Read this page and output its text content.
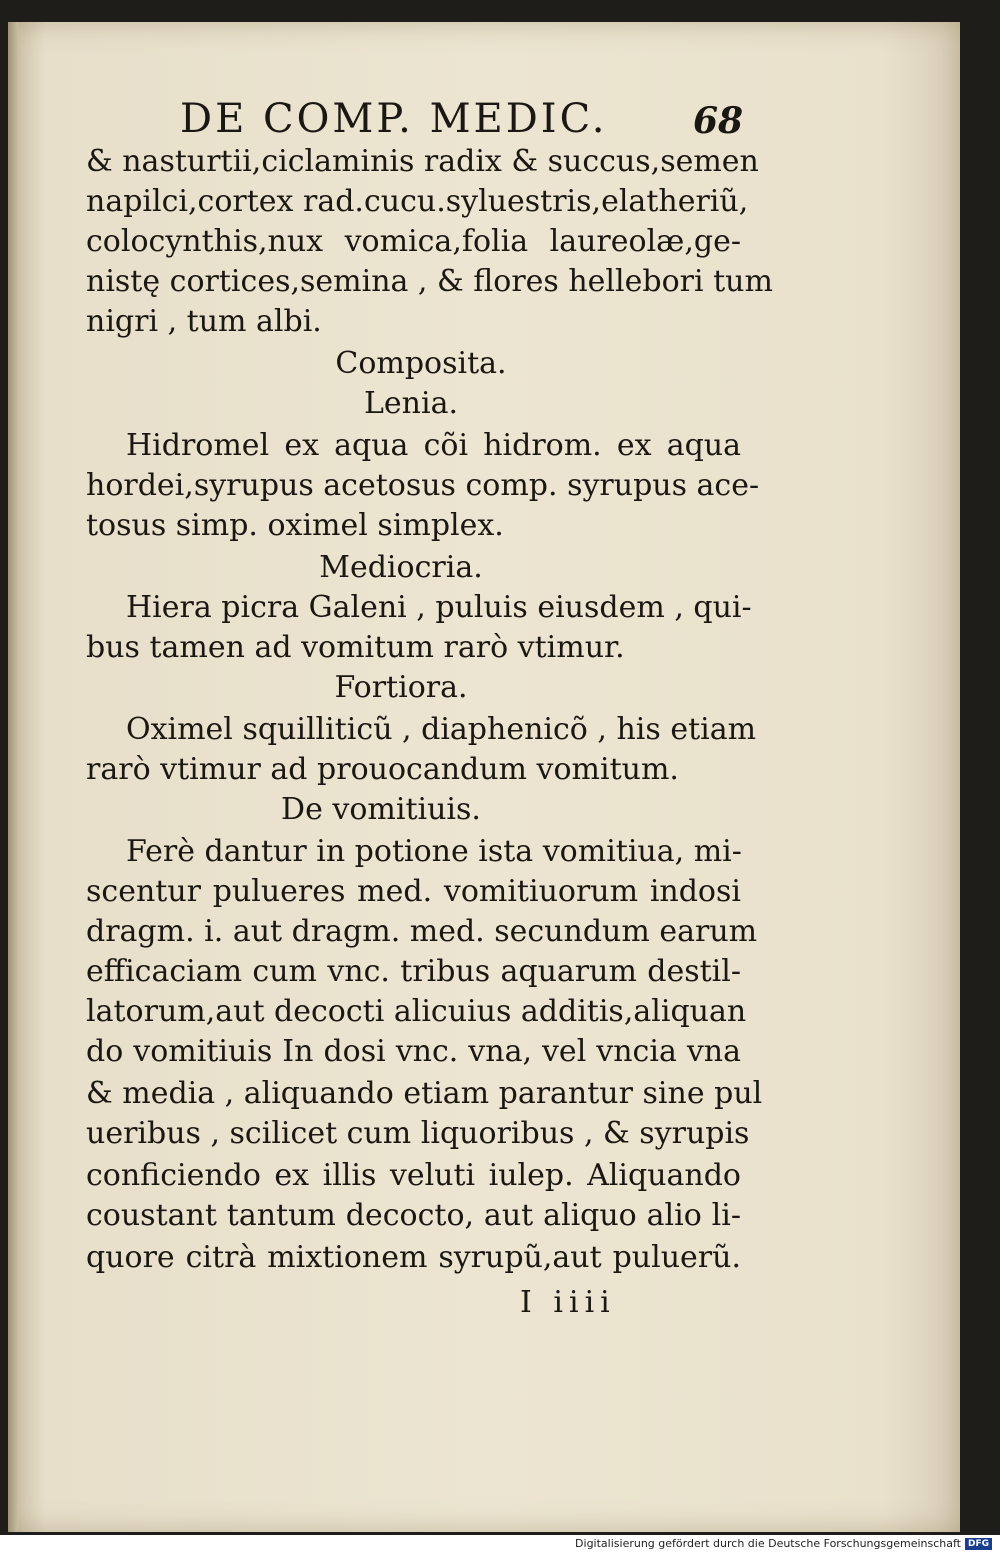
DE COMP. MEDIC. 68
& nasturtii,ciclaminis radix & succus,semen
napilci,cortex rad.cucu.syluestris,elatheriũ,
colocynthis,nux vomica,folia laureolæ,ge-
nistę cortices,semina , & flores hellebori tum
nigri , tum albi.
Composita.
Lenia.
Hidromel ex aqua cõi hidrom. ex aqua
hordei,syrupus acetosus comp. syrupus ace-
tosus simp. oximel simplex.
Mediocria.
Hiera picra Galeni , puluis eiusdem , qui-
bus tamen ad vomitum rarò vtimur.
Fortiora.
Oximel squilliticũ , diaphenicõ , his etiam
rarò vtimur ad prouocandum vomitum.
De vomitiuis.
Ferè dantur in potione ista vomitiua, mi-
scentur pulueres med. vomitiuorum indosi
dragm. i. aut dragm. med. secundum earum
efficaciam cum vnc. tribus aquarum destil-
latorum,aut decocti alicuius additis,aliquan
do vomitiuis In dosi vnc. vna, vel vncia vna
& media , aliquando etiam parantur sine pul
ueribus , scilicet cum liquoribus , & syrupis
conficiendo ex illis veluti iulep. Aliquando
coustant tantum decocto, aut aliquo alio li-
quore citrà mixtionem syrupũ,aut puluerũ.
I iiii
Digitalisierung gefördert durch die Deutsche Forschungsgemeinschaft DFG
